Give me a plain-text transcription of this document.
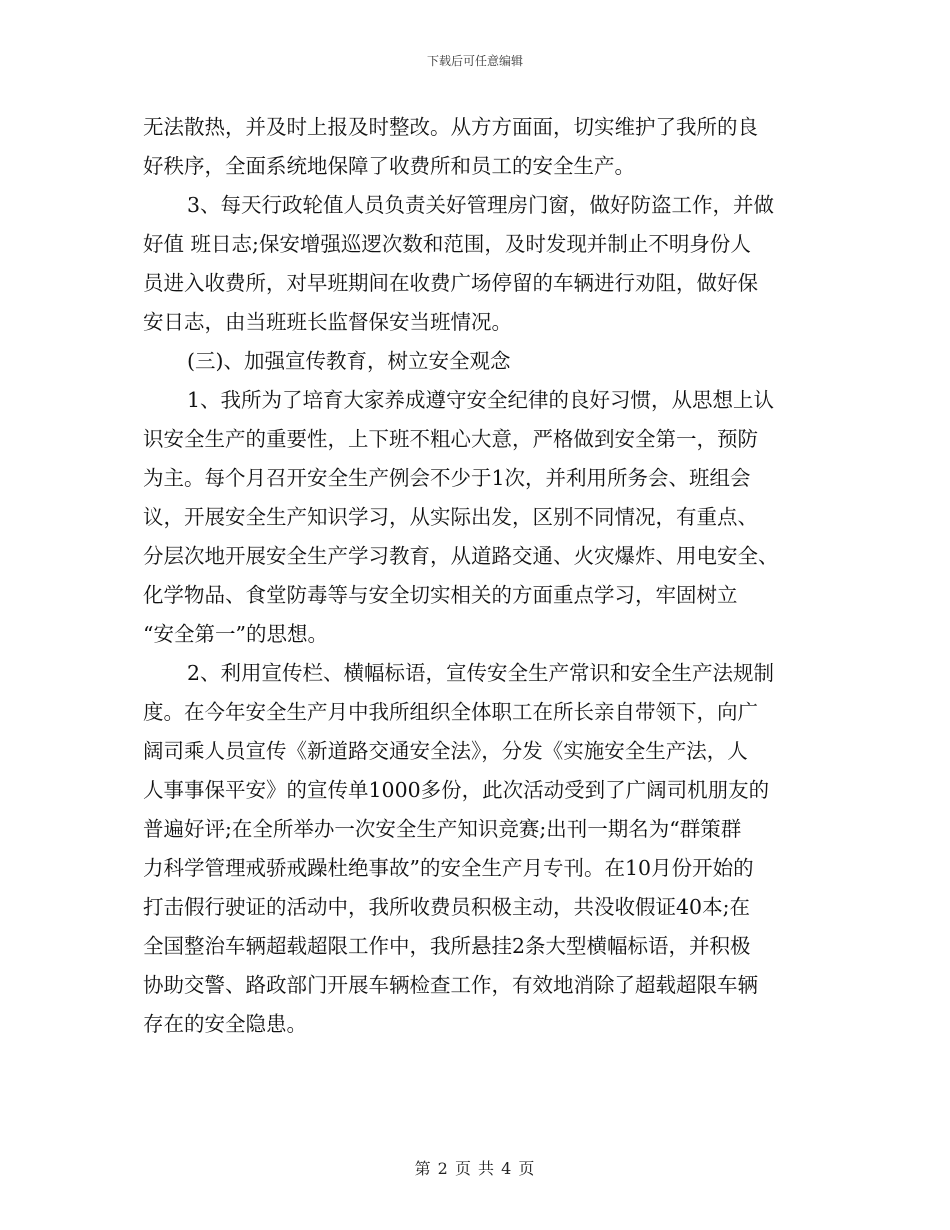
下载后可任意编辑
无法散热，并及时上报及时整改。从方方面面，切实维护了我所的良
好秩序，全面系统地保障了收费所和员工的安全生产。
3、每天行政轮值人员负责关好管理房门窗，做好防盗工作，并做
好值 班日志;保安增强巡逻次数和范围，及时发现并制止不明身份人
员进入收费所，对早班期间在收费广场停留的车辆进行劝阻，做好保
安日志，由当班班长监督保安当班情况。
(三)、加强宣传教育，树立安全观念
1、我所为了培育大家养成遵守安全纪律的良好习惯，从思想上认
识安全生产的重要性，上下班不粗心大意，严格做到安全第一，预防
为主。每个月召开安全生产例会不少于1次，并利用所务会、班组会
议，开展安全生产知识学习，从实际出发，区别不同情况，有重点、
分层次地开展安全生产学习教育，从道路交通、火灾爆炸、用电安全、
化学物品、食堂防毒等与安全切实相关的方面重点学习，牢固树立
“安全第一”的思想。
2、利用宣传栏、横幅标语，宣传安全生产常识和安全生产法规制
度。在今年安全生产月中我所组织全体职工在所长亲自带领下，向广
阔司乘人员宣传《新道路交通安全法》，分发《实施安全生产法，人
人事事保平安》的宣传单1000多份，此次活动受到了广阔司机朋友的
普遍好评;在全所举办一次安全生产知识竞赛;出刊一期名为“群策群
力科学管理戒骄戒躁杜绝事故”的安全生产月专刊。在10月份开始的
打击假行驶证的活动中，我所收费员积极主动，共没收假证40本;在
全国整治车辆超载超限工作中，我所悬挂2条大型横幅标语，并积极
协助交警、路政部门开展车辆检查工作，有效地消除了超载超限车辆
存在的安全隐患。
第 2 页 共 4 页
